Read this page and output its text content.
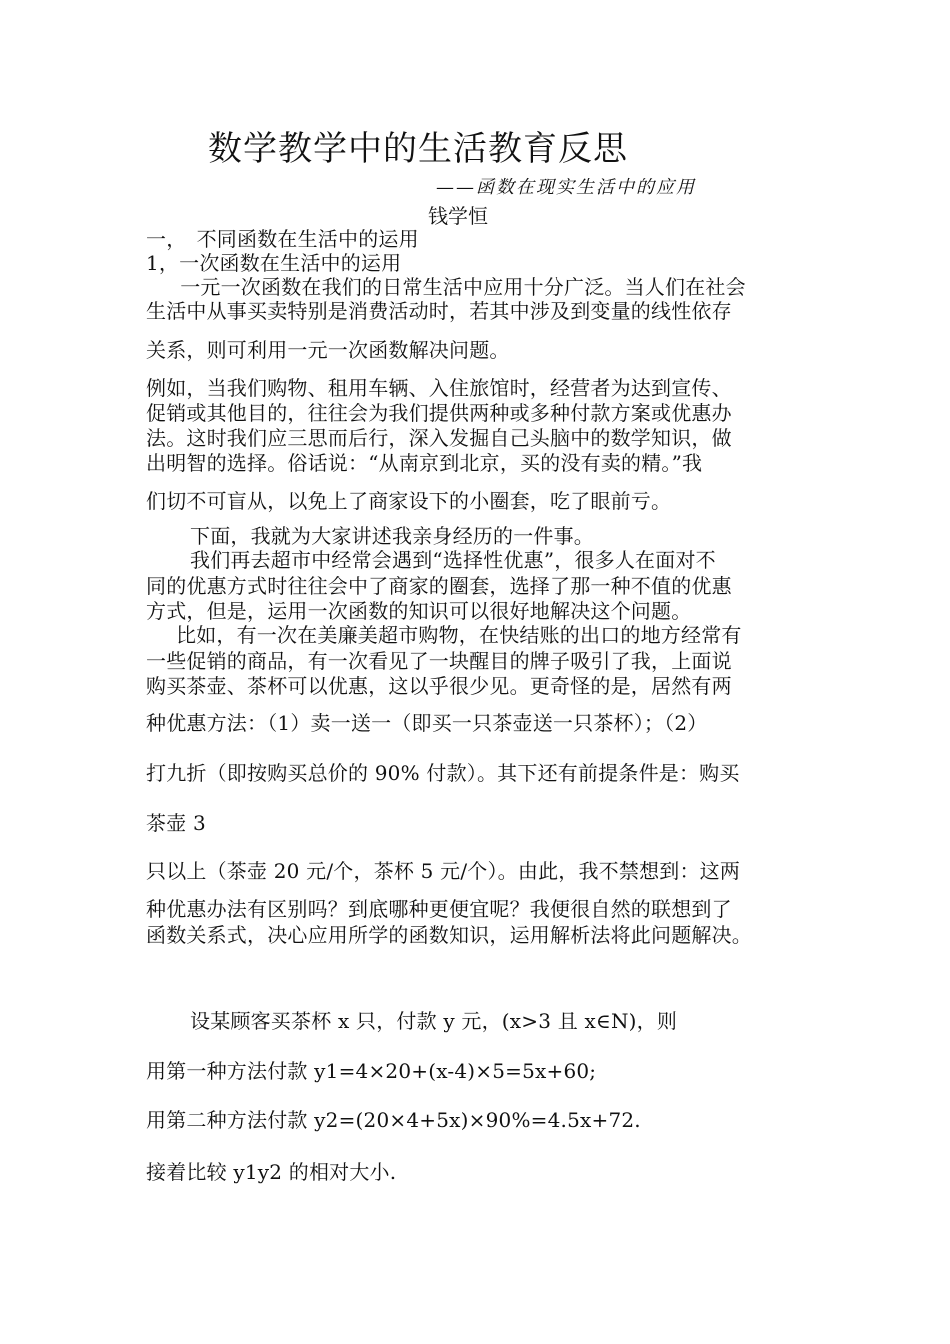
数学教学中的生活教育反思
——函数在现实生活中的应用
钱学恒
一，　不同函数在生活中的运用
1，一次函数在生活中的运用
　一元一次函数在我们的日常生活中应用十分广泛。当人们在社会
生活中从事买卖特别是消费活动时，若其中涉及到变量的线性依存
关系，则可利用一元一次函数解决问题。
例如，当我们购物、租用车辆、入住旅馆时，经营者为达到宣传、
促销或其他目的，往往会为我们提供两种或多种付款方案或优惠办
法。这时我们应三思而后行，深入发掘自己头脑中的数学知识，做
出明智的选择。俗话说：“从南京到北京，买的没有卖的精。”我
们切不可盲从，以免上了商家设下的小圈套，吃了眼前亏。
下面，我就为大家讲述我亲身经历的一件事。
我们再去超市中经常会遇到“选择性优惠”，很多人在面对不
同的优惠方式时往往会中了商家的圈套，选择了那一种不值的优惠
方式，但是，运用一次函数的知识可以很好地解决这个问题。
比如，有一次在美廉美超市购物，在快结账的出口的地方经常有
一些促销的商品，有一次看见了一块醒目的牌子吸引了我，上面说
购买茶壶、茶杯可以优惠，这以乎很少见。更奇怪的是，居然有两
种优惠方法：（1）卖一送一（即买一只茶壶送一只茶杯）；（2）
打九折（即按购买总价的 90% 付款）。其下还有前提条件是：购买
茶壶 3
只以上（茶壶 20 元/个，茶杯 5 元/个）。由此，我不禁想到：这两
种优惠办法有区别吗？到底哪种更便宜呢？我便很自然的联想到了
函数关系式，决心应用所学的函数知识，运用解析法将此问题解决。
设某顾客买茶杯 x 只，付款 y 元，(x>3 且 x∈N)，则
用第一种方法付款 y1=4×20+(x-4)×5=5x+60;
用第二种方法付款 y2=(20×4+5x)×90%=4.5x+72.
接着比较 y1y2 的相对大小.
